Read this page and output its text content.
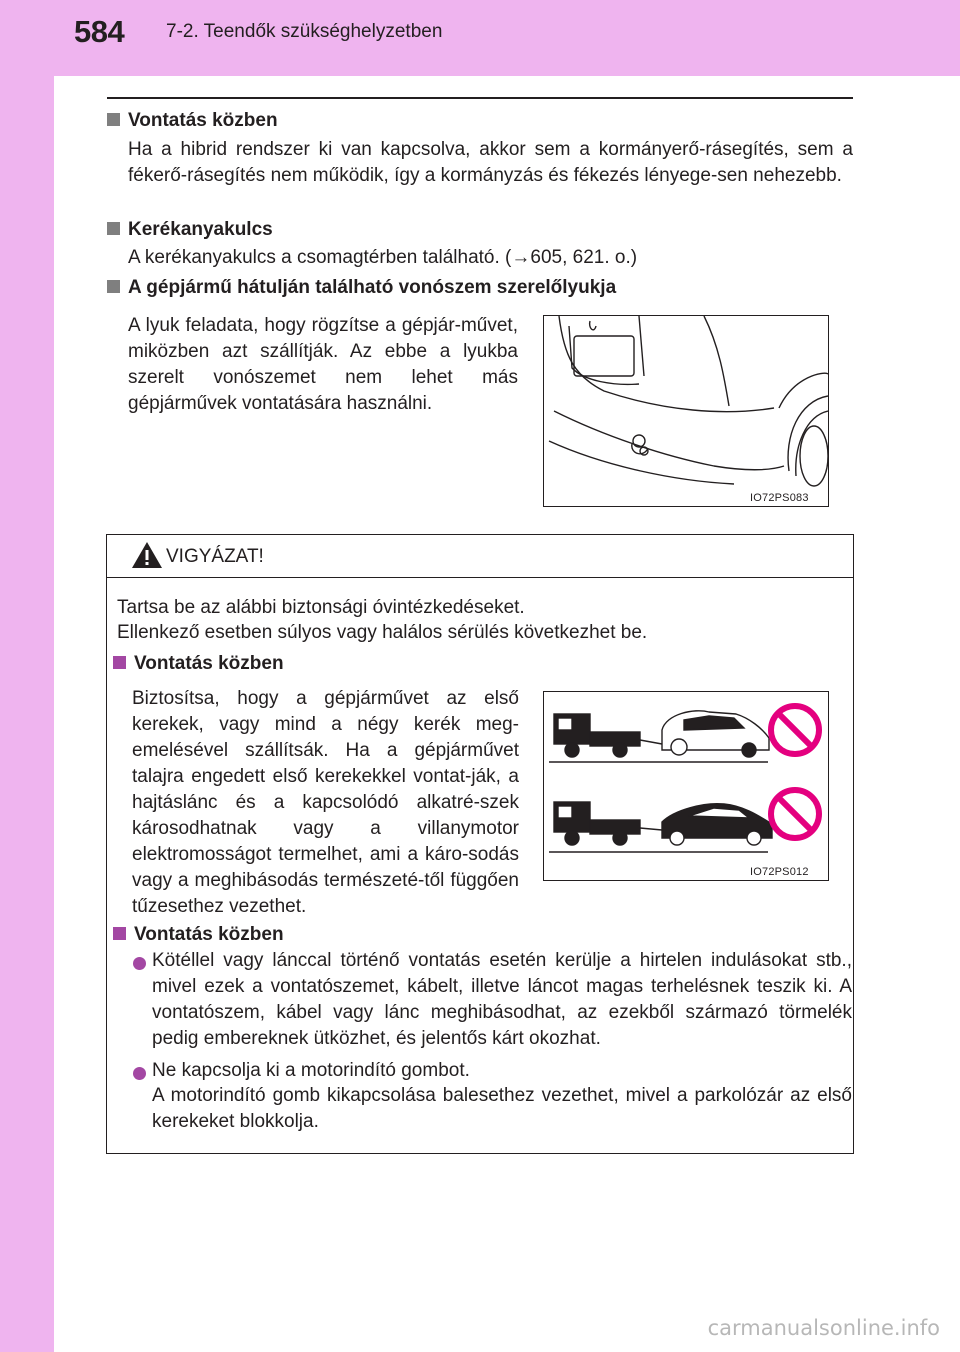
584 7-2. Teendők szükséghelyzetben
Vontatás közben
Ha a hibrid rendszer ki van kapcsolva, akkor sem a kormányerő-rásegítés, sem a fékerő-rásegítés nem működik, így a kormányzás és fékezés lényege-sen nehezebb.
Kerékanyakulcs
A kerékanyakulcs a csomagtérben található. (→605, 621. o.)
A gépjármű hátulján található vonószem szerelőlyukja
A lyuk feladata, hogy rögzítse a gépjár-művet, miközben azt szállítják. Az ebbe a lyukba szerelt vonószemet nem lehet más gépjárművek vontatására használni.
IO72PS083
VIGYÁZAT!
Tartsa be az alábbi biztonsági óvintézkedéseket.
Ellenkező esetben súlyos vagy halálos sérülés következhet be.
Vontatás közben
Biztosítsa, hogy a gépjárművet az első kerekek, vagy mind a négy kerék meg-emelésével szállítsák. Ha a gépjárművet talajra engedett első kerekekkel vontat-ják, a hajtáslánc és a kapcsolódó alkatré-szek károsodhatnak vagy a villanymotor elektromosságot termelhet, ami a káro-sodás vagy a meghibásodás természeté-től függően tűzesethez vezethet.
IO72PS012
Vontatás közben
Kötéllel vagy lánccal történő vontatás esetén kerülje a hirtelen indulásokat stb., mivel ezek a vontatószemet, kábelt, illetve láncot magas terhelésnek teszik ki. A vontatószem, kábel vagy lánc meghibásodhat, az ezekből származó törmelék pedig embereknek ütközhet, és jelentős kárt okozhat.
Ne kapcsolja ki a motorindító gombot.
A motorindító gomb kikapcsolása balesethez vezethet, mivel a parkolózár az első kerekeket blokkolja.
carmanualsonline.info
